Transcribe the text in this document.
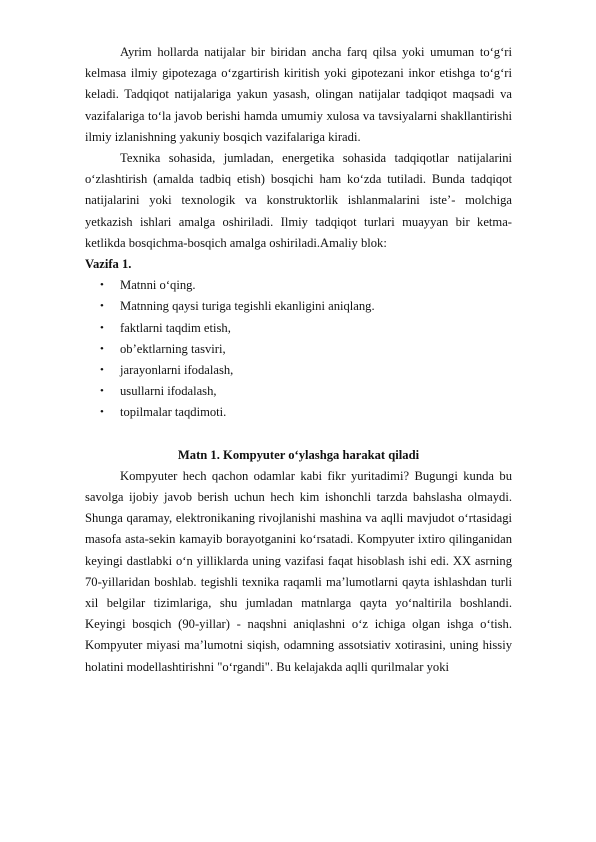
Ayrim hollarda natijalar bir biridan ancha farq qilsa yoki umuman to‘g‘ri kelmasa ilmiy gipotezaga o‘zgartirish kiritish yoki gipotezani inkor etishga to‘g‘ri keladi. Tadqiqot natijalariga yakun yasash, olingan natijalar tadqiqot maqsadi va vazifalariga to‘la javob berishi hamda umumiy xulosa va tavsiyalarni shakllantirishi ilmiy izlanishning yakuniy bosqich vazifalariga kiradi.

Texnika sohasida, jumladan, energetika sohasida tadqiqotlar natijalarini o‘zlashtirish (amalda tadbiq etish) bosqichi ham ko‘zda tutiladi. Bunda tadqiqot natijalarini yoki texnologik va konstruktorlik ishlanmalarini iste’- molchiga yetkazish ishlari amalga oshiriladi. Ilmiy tadqiqot turlari muayyan bir ketma-ketlikda bosqichma-bosqich amalga oshiriladi.Amaliy blok:

Vazifa 1.

• Matnni o‘qing.
• Matnning qaysi turiga tegishli ekanligini aniqlang.
• faktlarni taqdim etish,
• ob’ektlarning tasviri,
• jarayonlarni ifodalash,
• usullarni ifodalash,
• topilmalar taqdimoti.

Matn 1. Kompyuter o‘ylashga harakat qiladi

Kompyuter hech qachon odamlar kabi fikr yuritadimi? Bugungi kunda bu savolga ijobiy javob berish uchun hech kim ishonchli tarzda bahslasha olmaydi. Shunga qaramay, elektronikaning rivojlanishi mashina va aqlli mavjudot o‘rtasidagi masofa asta-sekin kamayib borayotganini ko‘rsatadi. Kompyuter ixtiro qilinganidan keyingi dastlabki o‘n yilliklarda uning vazifasi faqat hisoblash ishi edi. XX asrning 70-yillaridan boshlab. tegishli texnika raqamli ma’lumotlarni qayta ishlashdan turli xil belgilar tizimlariga, shu jumladan matnlarga qayta yo‘naltirila boshlandi. Keyingi bosqich (90-yillar) - naqshni aniqlashni o‘z ichiga olgan ishga o‘tish. Kompyuter miyasi ma’lumotni siqish, odamning assotsiativ xotirasini, uning hissiy holatini modellashtirishni "o‘rgandi". Bu kelajakda aqlli qurilmalar yoki
